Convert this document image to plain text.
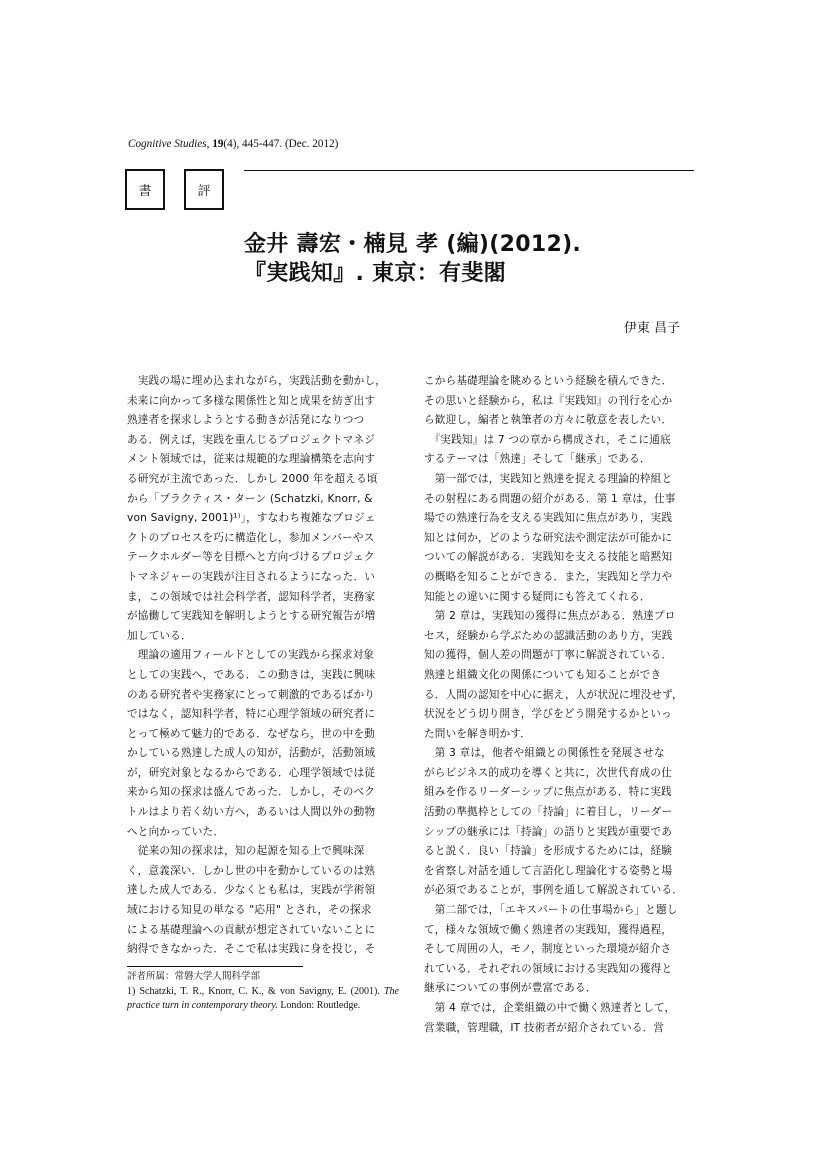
Cognitive Studies, 19(4), 445-447. (Dec. 2012)
書	評
金井 壽宏・楠見 孝 (編)(2012).
『実践知』. 東京：有斐閣
伊東 昌子
　実践の場に埋め込まれながら，実践活動を動かし，
未来に向かって多様な関係性と知と成果を紡ぎ出す
熟達者を探求しようとする動きが活発になりつつ
ある．例えば，実践を重んじるプロジェクトマネジ
メント領域では，従来は規範的な理論構築を志向す
る研究が主流であった．しかし 2000 年を超える頃
から「プラクティス・ターン (Schatzki, Knorr, &
von Savigny, 2001)¹⁾」，すなわち複雑なプロジェ
クトのプロセスを巧に構造化し，参加メンバーやス
テークホルダー等を目標へと方向づけるプロジェク
トマネジャーの実践が注目されるようになった．い
ま，この領域では社会科学者，認知科学者，実務家
が協働して実践知を解明しようとする研究報告が増
加している．
　理論の適用フィールドとしての実践から探求対象
としての実践へ，である．この動きは，実践に興味
のある研究者や実務家にとって刺激的であるばかり
ではなく，認知科学者，特に心理学領域の研究者に
とって極めて魅力的である．なぜなら，世の中を動
かしている熟達した成人の知が，活動が，活動領域
が，研究対象となるからである．心理学領域では従
来から知の探求は盛んであった．しかし，そのベク
トルはより若く幼い方へ，あるいは人間以外の動物
へと向かっていた．
　従来の知の探求は，知の起源を知る上で興味深
く，意義深い．しかし世の中を動かしているのは熟
達した成人である．少なくとも私は，実践が学術領
域における知見の単なる "応用" とされ，その探求
による基礎理論への貢献が想定されていないことに
納得できなかった．そこで私は実践に身を投じ，そ
こから基礎理論を眺めるという経験を積んできた．
その思いと経験から，私は『実践知』の刊行を心か
ら歓迎し，編者と執筆者の方々に敬意を表したい．
　『実践知』は 7 つの章から構成され，そこに通底
するテーマは「熟達」そして「継承」である．
　第一部では，実践知と熟達を捉える理論的枠組と
その射程にある問題の紹介がある．第 1 章は，仕事
場での熟達行為を支える実践知に焦点があり，実践
知とは何か，どのような研究法や測定法が可能かに
ついての解説がある．実践知を支える技能と暗黙知
の概略を知ることができる．また，実践知と学力や
知能との違いに関する疑問にも答えてくれる．
　第 2 章は，実践知の獲得に焦点がある．熟達プロ
セス，経験から学ぶための認識活動のあり方，実践
知の獲得，個人差の問題が丁寧に解説されている．
熟達と組織文化の関係についても知ることができ
る．人間の認知を中心に据え，人が状況に埋没せず，
状況をどう切り開き，学びをどう開発するかといっ
た問いを解き明かす．
　第 3 章は，他者や組織との関係性を発展させな
がらビジネス的成功を導くと共に，次世代育成の仕
組みを作るリーダーシップに焦点がある．特に実践
活動の準拠枠としての「持論」に着目し，リーダー
シップの継承には「持論」の語りと実践が重要であ
ると説く．良い「持論」を形成するためには，経験
を省察し対話を通して言語化し理論化する姿勢と場
が必須であることが，事例を通して解説されている．
　第二部では，「エキスパートの仕事場から」と題し
て，様々な領域で働く熟達者の実践知，獲得過程，
そして周囲の人，モノ，制度といった環境が紹介さ
れている．それぞれの領域における実践知の獲得と
継承についての事例が豊富である．
　第 4 章では，企業組織の中で働く熟達者として，
営業職，管理職，IT 技術者が紹介されている．営
評者所属：常磐大学人間科学部
1) Schatzki, T. R., Knorr, C. K., & von Savigny, E. (2001). The practice turn in contemporary theory. London: Routledge.
